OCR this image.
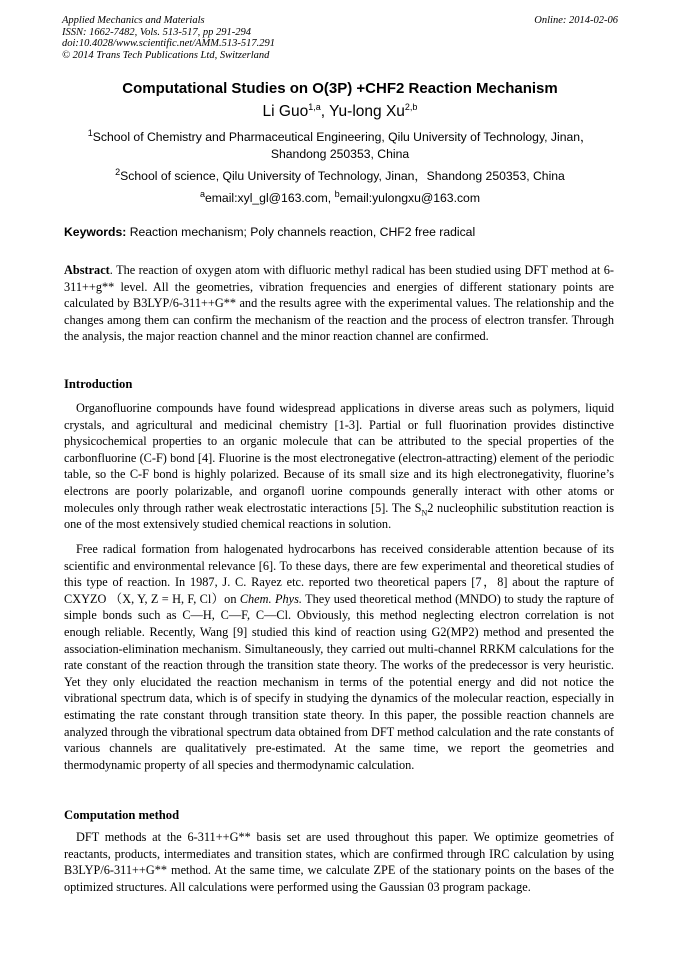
Applied Mechanics and Materials
ISSN: 1662-7482, Vols. 513-517, pp 291-294
doi:10.4028/www.scientific.net/AMM.513-517.291
© 2014 Trans Tech Publications Ltd, Switzerland
Online: 2014-02-06
Computational Studies on O(3P) +CHF2 Reaction Mechanism
Li Guo$^{1,a}$, Yu-long Xu$^{2,b}$
$^1$School of Chemistry and Pharmaceutical Engineering, Qilu University of Technology, Jinan，Shandong 250353, China
$^2$School of science, Qilu University of Technology, Jinan，Shandong 250353, China
$^a$email:xyl_gl@163.com, $^b$email:yulongxu@163.com
Keywords: Reaction mechanism; Poly channels reaction, CHF2 free radical
Abstract. The reaction of oxygen atom with difluoric methyl radical has been studied using DFT method at 6-311++g** level. All the geometries, vibration frequencies and energies of different stationary points are calculated by B3LYP/6-311++G** and the results agree with the experimental values. The relationship and the changes among them can confirm the mechanism of the reaction and the process of electron transfer. Through the analysis, the major reaction channel and the minor reaction channel are confirmed.
Introduction
Organofluorine compounds have found widespread applications in diverse areas such as polymers, liquid crystals, and agricultural and medicinal chemistry [1-3]. Partial or full fluorination provides distinctive physicochemical properties to an organic molecule that can be attributed to the special properties of the carbonfluorine (C-F) bond [4]. Fluorine is the most electronegative (electron-attracting) element of the periodic table, so the C-F bond is highly polarized. Because of its small size and its high electronegativity, fluorine’s electrons are poorly polarizable, and organofl uorine compounds generally interact with other atoms or molecules only through rather weak electrostatic interactions [5]. The $S_N2$ nucleophilic substitution reaction is one of the most extensively studied chemical reactions in solution.
Free radical formation from halogenated hydrocarbons has received considerable attention because of its scientific and environmental relevance [6]. To these days, there are few experimental and theoretical studies of this type of reaction. In 1987, J. C. Rayez etc. reported two theoretical papers [7，8] about the rapture of CXYZO （X, Y, Z = H, F, Cl）on Chem. Phys. They used theoretical method (MNDO) to study the rapture of simple bonds such as C—H, C—F, C—Cl. Obviously, this method neglecting electron correlation is not enough reliable. Recently, Wang [9] studied this kind of reaction using G2(MP2) method and presented the association-elimination mechanism. Simultaneously, they carried out multi-channel RRKM calculations for the rate constant of the reaction through the transition state theory. The works of the predecessor is very heuristic. Yet they only elucidated the reaction mechanism in terms of the potential energy and did not notice the vibrational spectrum data, which is of specify in studying the dynamics of the molecular reaction, especially in estimating the rate constant through transition state theory. In this paper, the possible reaction channels are analyzed through the vibrational spectrum data obtained from DFT method calculation and the rate constants of various channels are qualitatively pre-estimated. At the same time, we report the geometries and thermodynamic property of all species and thermodynamic calculation.
Computation method
DFT methods at the 6-311++G** basis set are used throughout this paper. We optimize geometries of reactants, products, intermediates and transition states, which are confirmed through IRC calculation by using B3LYP/6-311++G** method. At the same time, we calculate ZPE of the stationary points on the bases of the optimized structures. All calculations were performed using the Gaussian 03 program package.
